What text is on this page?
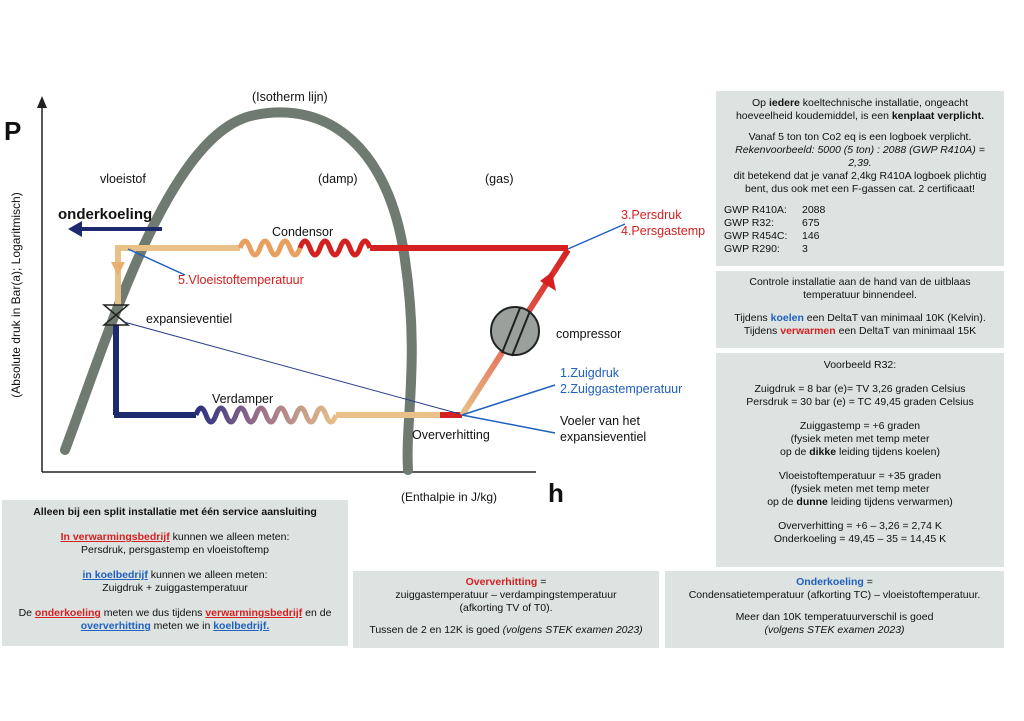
P
(Absolute druk in Bar(a); Logaritmisch)
h
(Enthalpie in J/kg)
(Isotherm lijn)
vloeistof	(damp)	(gas)
onderkoeling
Condensor
expansieventiel
Verdamper
compressor
Oververhitting
3.Persdruk
4.Persgastemp
5.Vloeistoftemperatuur
1.Zuigdruk
2.Zuiggastemperatuur
Voeler van het
expansieventiel

Op iedere koeltechnische installatie, ongeacht

hoeveelheid koudemiddel, is een kenplaat verplicht.

Vanaf 5 ton ton Co2 eq is een logboek verplicht.

Rekenvoorbeeld: 5000 (5 ton) : 2088 (GWP R410A) = 2,39.

dit betekend dat je vanaf 2,4kg R410A logboek plichtig

bent, dus ook met een F-gassen cat. 2 certificaat!

GWP R410A:	2088
GWP R32:	675
GWP R454C:	146
GWP R290:	3

Controle installatie aan de hand van de uitblaas

temperatuur binnendeel.

Tijdens koelen een DeltaT van minimaal 10K (Kelvin).

Tijdens verwarmen een DeltaT van minimaal 15K

Voorbeeld R32:

Zuigdruk = 8 bar (e)= TV 3,26 graden Celsius

Persdruk = 30 bar (e) = TC 49,45 graden Celsius

Zuiggastemp = +6 graden

(fysiek meten met temp meter

op de dikke leiding tijdens koelen)

Vloeistoftemperatuur = +35 graden

(fysiek meten met temp meter

op de dunne leiding tijdens verwarmen)

Oververhitting = +6 – 3,26 = 2,74 K

Onderkoeling = 49,45 – 35 = 14,45 K

Alleen bij een split installatie met één service aansluiting

In verwarmingsbedrijf kunnen we alleen meten:

Persdruk, persgastemp en vloeistoftemp

in koelbedrijf kunnen we alleen meten:

Zuigdruk + zuiggastemperatuur

De onderkoeling meten we dus tijdens verwarmingsbedrijf en de

oververhitting meten we in koelbedrijf.

Oververhitting =

zuiggastemperatuur – verdampingstemperatuur

(afkorting TV of T0).

Tussen de 2 en 12K is goed (volgens STEK examen 2023)

Onderkoeling =

Condensatietemperatuur (afkorting TC) – vloeistoftemperatuur.

Meer dan 10K temperatuurverschil is goed

(volgens STEK examen 2023)
